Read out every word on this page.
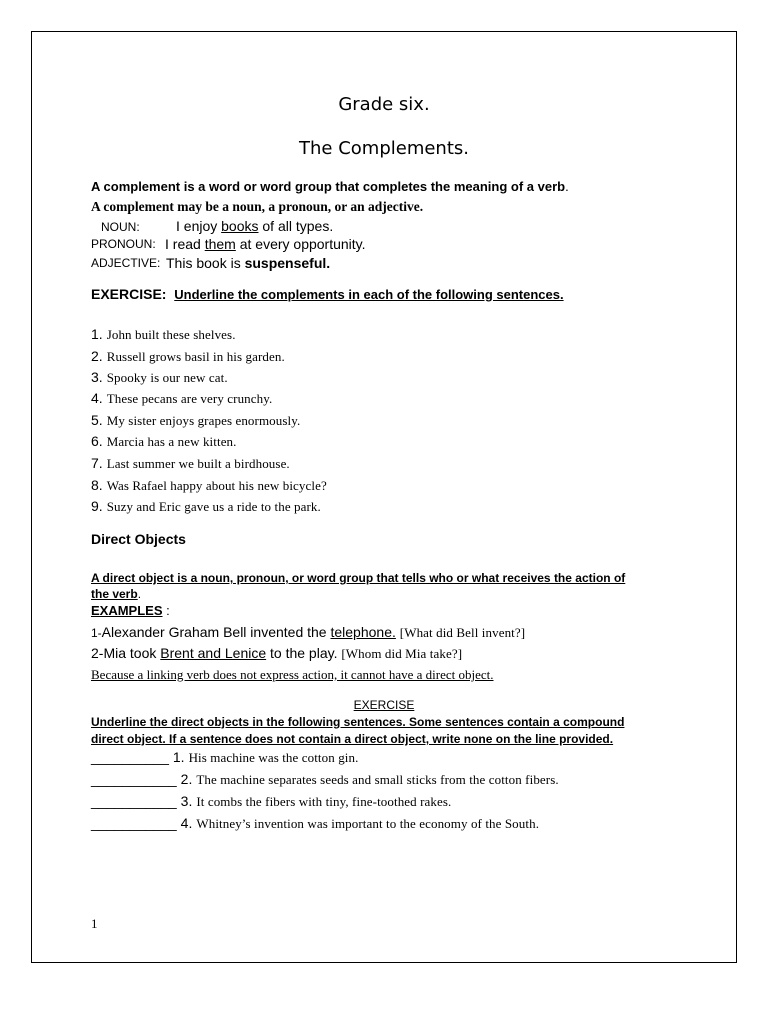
Grade six.
The Complements.
A complement is a word or word group that completes the meaning of a verb.
A complement may be a noun, a pronoun, or an adjective.
NOUN:	I enjoy books of all types.
PRONOUN: I read them at every opportunity.
ADJECTIVE: This book is suspenseful.
EXERCISE: Underline the complements in each of the following sentences.
1. John built these shelves.
2. Russell grows basil in his garden.
3. Spooky is our new cat.
4. These pecans are very crunchy.
5. My sister enjoys grapes enormously.
6. Marcia has a new kitten.
7. Last summer we built a birdhouse.
8. Was Rafael happy about his new bicycle?
9. Suzy and Eric gave us a ride to the park.
Direct Objects
A direct object is a noun, pronoun, or word group that tells who or what receives the action of
the verb.
EXAMPLES :
1-Alexander Graham Bell invented the telephone. [What did Bell invent?]
2-Mia took Brent and Lenice to the play. [Whom did Mia take?]
Because a linking verb does not express action, it cannot have a direct object.
EXERCISE
Underline the direct objects in the following sentences. Some sentences contain a compound
direct object. If a sentence does not contain a direct object, write none on the line provided.
__________ 1. His machine was the cotton gin.
___________ 2. The machine separates seeds and small sticks from the cotton fibers.
___________ 3. It combs the fibers with tiny, fine-toothed rakes.
___________ 4. Whitney’s invention was important to the economy of the South.
1
